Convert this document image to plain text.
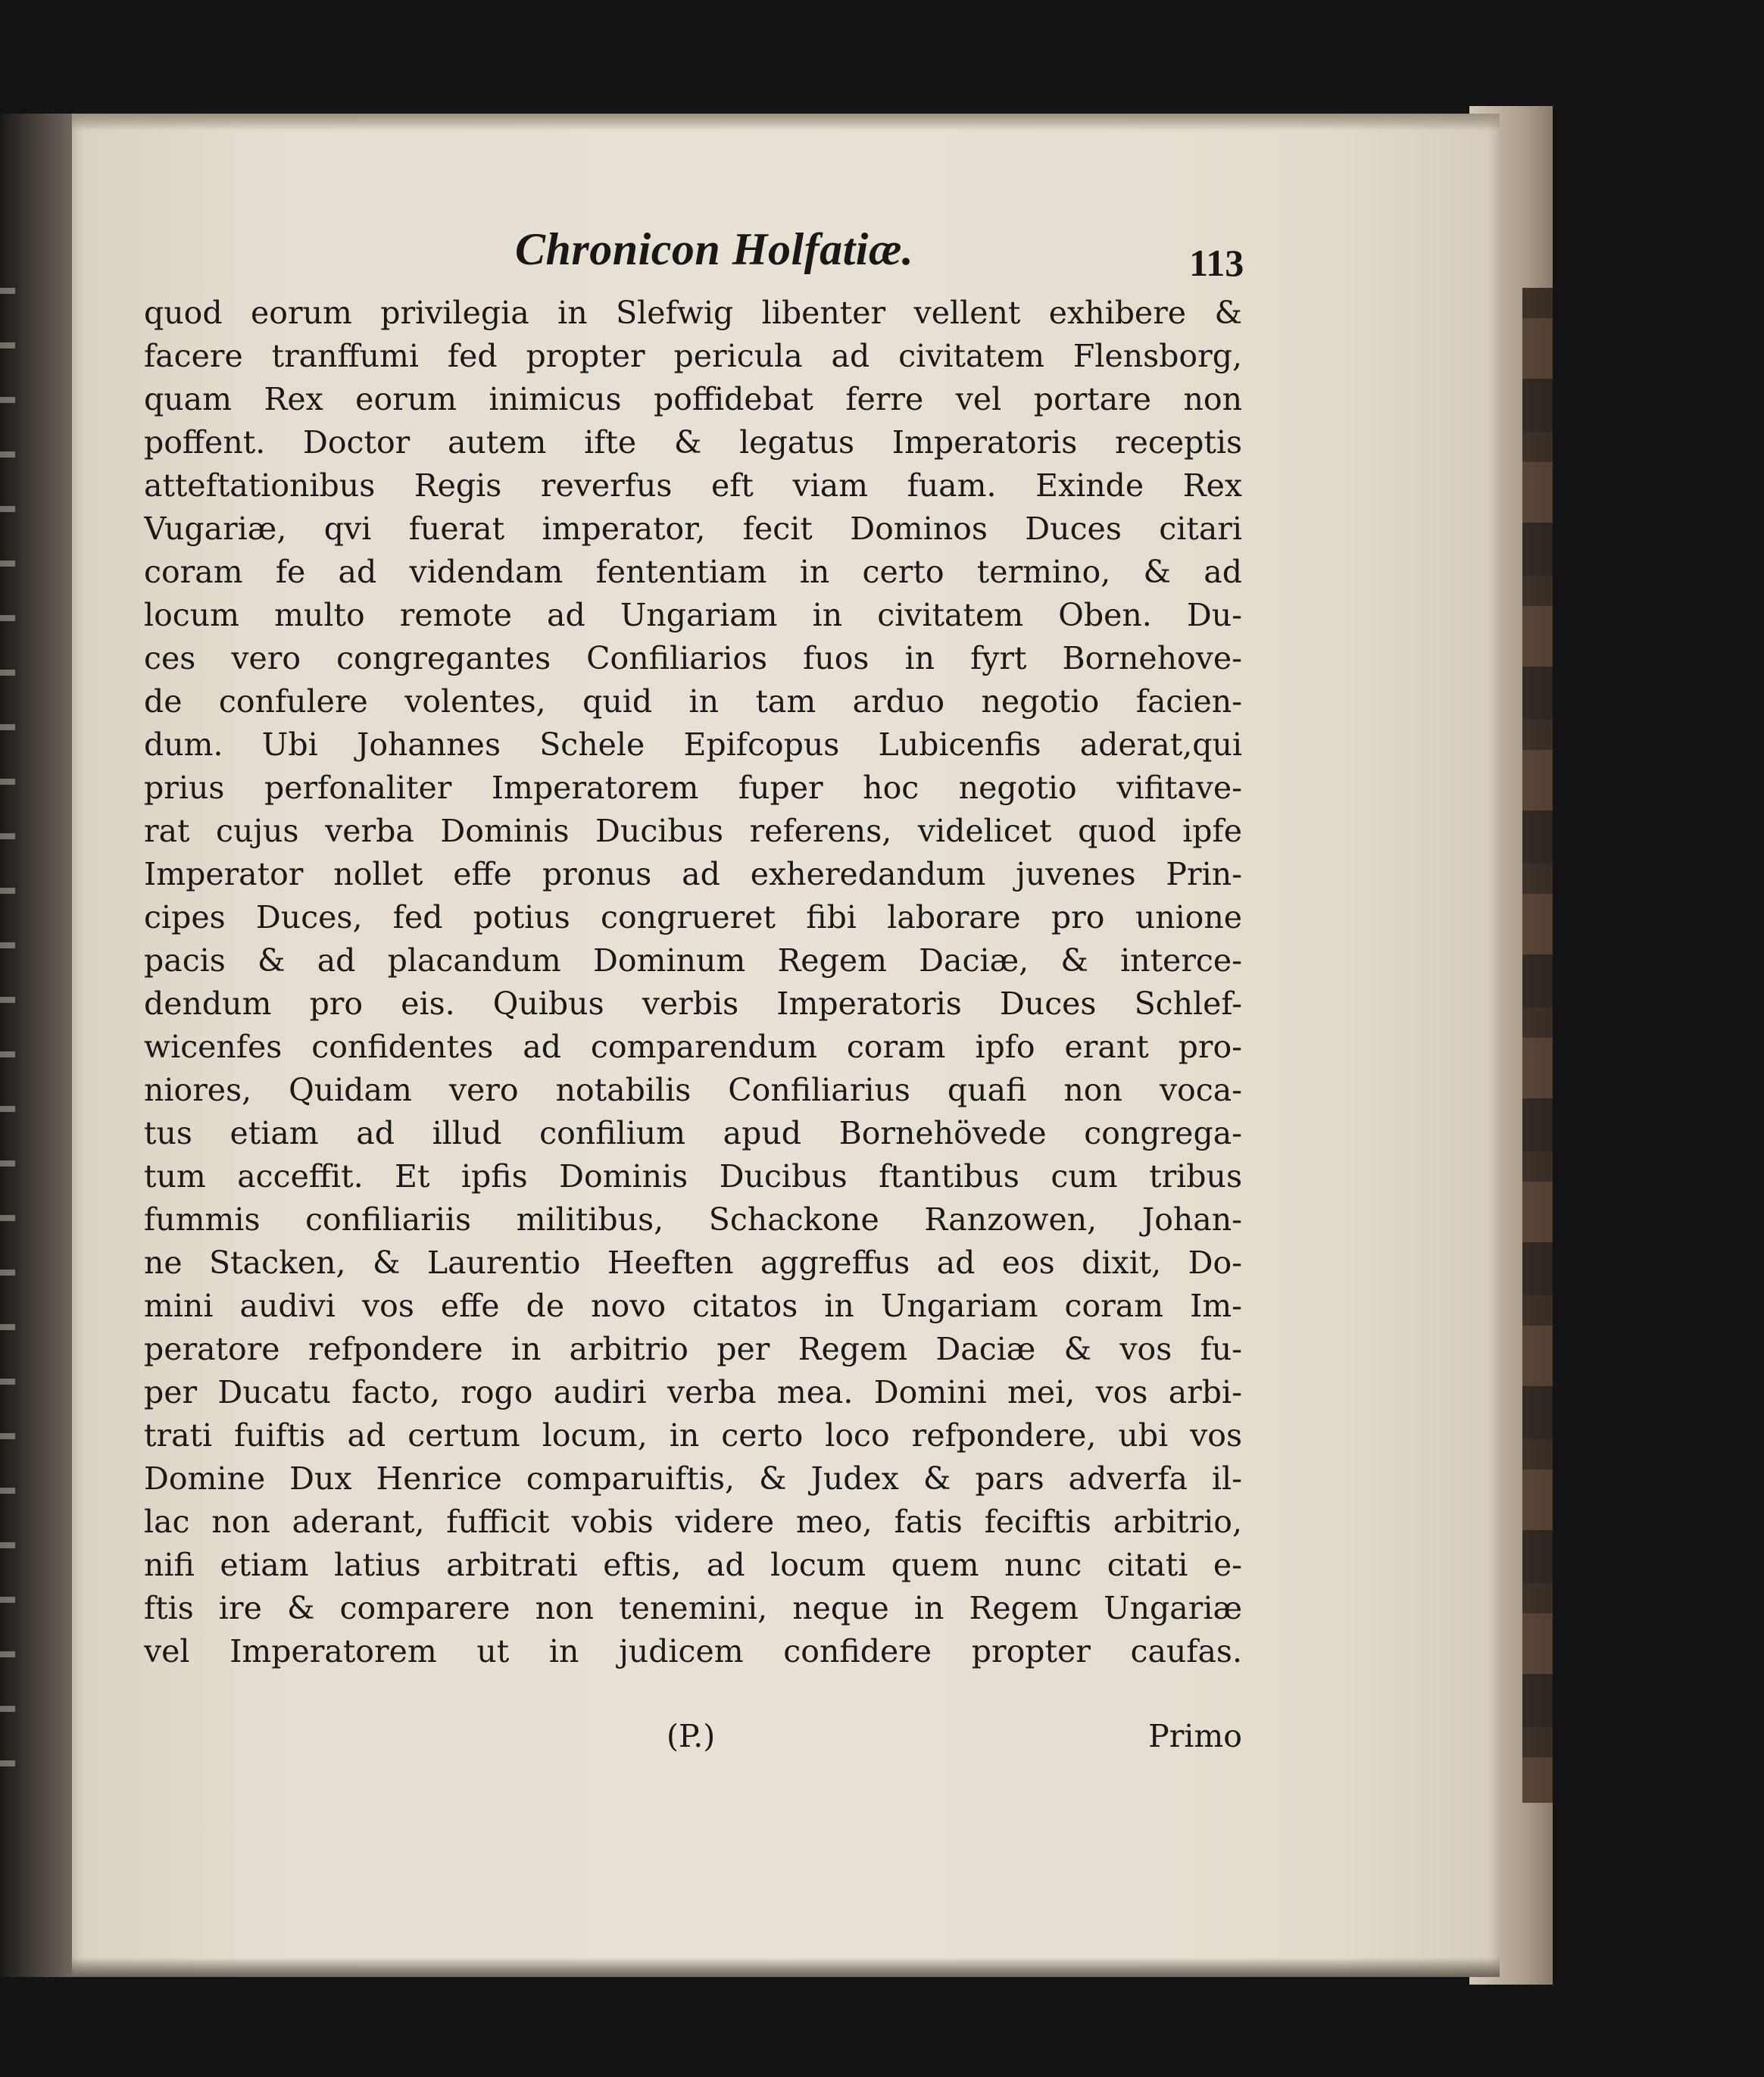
Chronicon Holfatiæ.	113
quod eorum privilegia in Slefwig libenter vellent exhibere &
facere tranffumi fed propter pericula ad civitatem Flensborg,
quam Rex eorum inimicus poffidebat ferre vel portare non
poffent. Doctor autem ifte & legatus Imperatoris receptis
atteftationibus Regis reverfus eft viam fuam. Exinde Rex
Vugariæ, qvi fuerat imperator, fecit Dominos Duces citari
coram fe ad videndam fententiam in certo termino, & ad
locum multo remote ad Ungariam in civitatem Oben. Du-
ces vero congregantes Confiliarios fuos in fyrt Bornehove-
de confulere volentes, quid in tam arduo negotio facien-
dum. Ubi Johannes Schele Epifcopus Lubicenfis aderat,qui
prius perfonaliter Imperatorem fuper hoc negotio vifitave-
rat cujus verba Dominis Ducibus referens, videlicet quod ipfe
Imperator nollet effe pronus ad exheredandum juvenes Prin-
cipes Duces, fed potius congrueret fibi laborare pro unione
pacis & ad placandum Dominum Regem Daciæ, & interce-
dendum pro eis. Quibus verbis Imperatoris Duces Schlef-
wicenfes confidentes ad comparendum coram ipfo erant pro-
niores, Quidam vero notabilis Confiliarius quafi non voca-
tus etiam ad illud confilium apud Bornehövede congrega-
tum acceffit. Et ipfis Dominis Ducibus ftantibus cum tribus
fummis confiliariis militibus, Schackone Ranzowen, Johan-
ne Stacken, & Laurentio Heeften aggreffus ad eos dixit, Do-
mini audivi vos effe de novo citatos in Ungariam coram Im-
peratore refpondere in arbitrio per Regem Daciæ & vos fu-
per Ducatu facto, rogo audiri verba mea. Domini mei, vos arbi-
trati fuiftis ad certum locum, in certo loco refpondere, ubi vos
Domine Dux Henrice comparuiftis, & Judex & pars adverfa il-
lac non aderant, fufficit vobis videre meo, fatis feciftis arbitrio,
nifi etiam latius arbitrati eftis, ad locum quem nunc citati e-
ftis ire & comparere non tenemini, neque in Regem Ungariæ
vel Imperatorem ut in judicem confidere propter caufas.
(P.)	Primo
